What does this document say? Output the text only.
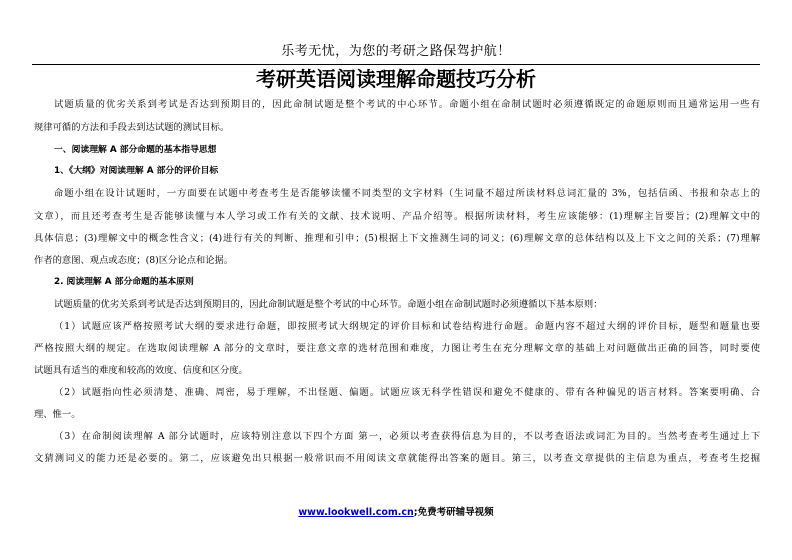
乐考无忧，为您的考研之路保驾护航！
考研英语阅读理解命题技巧分析
试题质量的优劣关系到考试是否达到预期目的，因此命制试题是整个考试的中心环节。命题小组在命制试题时必须遵循既定的命题原则而且通常运用一些有
规律可循的方法和手段去到达试题的测试目标。
一、阅读理解 A 部分命题的基本指导思想
1、《大纲》对阅读理解 A 部分的评价目标
命题小组在设计试题时，一方面要在试题中考查考生是否能够读懂不同类型的文字材料（生词量不超过所读材料总词汇量的 3%，包括信函、书报和杂志上的
文章），而且还考查考生是否能够读懂与本人学习或工作有关的文献、技术说明、产品介绍等。根据所读材料，考生应该能够：(1)理解主旨要旨；(2)理解文中的
具体信息；(3)理解文中的概念性含义；(4)进行有关的判断、推理和引申；(5)根据上下文推测生词的词义；(6)理解文章的总体结构以及上下文之间的关系；(7)理解
作者的意图、观点或态度；(8)区分论点和论据。
2. 阅读理解 A 部分命题的基本原则
试题质量的优劣关系到考试是否达到预期目的，因此命制试题是整个考试的中心环节。命题小组在命制试题时必须遵循以下基本原则：
（1）试题应该严格按照考试大纲的要求进行命题，即按照考试大纲规定的评价目标和试卷结构进行命题。命题内容不超过大纲的评价目标，题型和题量也要
严格按照大纲的规定。在选取阅读理解 A 部分的文章时，要注意文章的选材范围和难度，力图让考生在充分理解文章的基础上对问题做出正确的回答，同时要使
试题具有适当的难度和较高的效度、信度和区分度。
（2）试题指向性必须清楚、准确、周密，易于理解，不出怪题、偏题。试题应该无科学性错误和避免不健康的、带有各种偏见的语言材料。答案要明确、合
理、惟一。
（3）在命制阅读理解 A 部分试题时，应该特别注意以下四个方面 第一，必须以考查获得信息为目的，不以考查语法或词汇为目的。当然考查考生通过上下
文猜测词义的能力还是必要的。第二，应该避免出只根据一般常识而不用阅读文章就能得出答案的题目。第三，以考查文章提供的主信息为重点，考查考生挖掘
www.lookwell.com.cn;免费考研辅导视频
